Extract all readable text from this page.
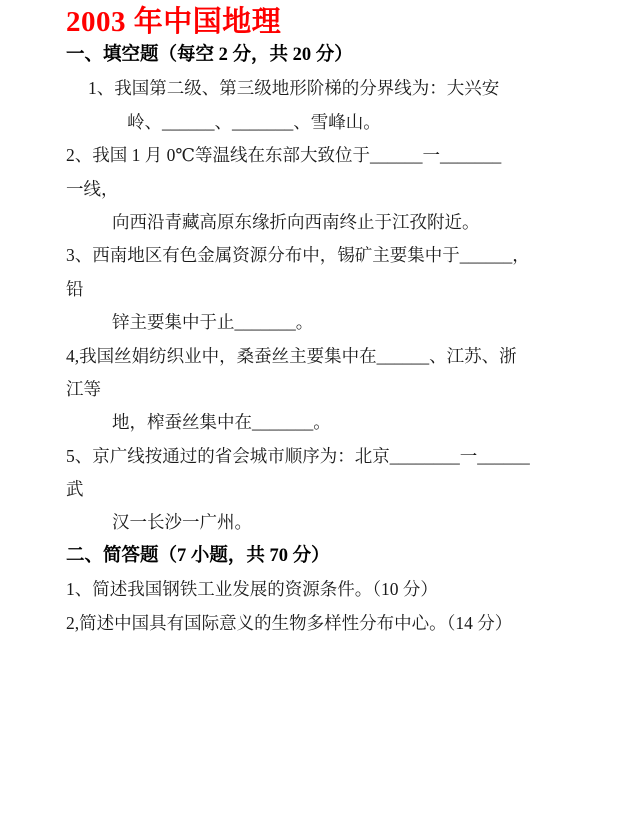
2003 年中国地理
一、填空题（每空 2 分，共 20 分）
1、我国第二级、第三级地形阶梯的分界线为：大兴安
岭、______、_______、雪峰山。
2、我国 1 月 0℃等温线在东部大致位于______一_______
一线，
向西沿青藏高原东缘折向西南终止于江孜附近。
3、西南地区有色金属资源分布中，锡矿主要集中于______，
铅
锌主要集中于止_______。
4,我国丝娟纺织业中，桑蚕丝主要集中在______、江苏、浙
江等
地，榨蚕丝集中在_______。
5、京广线按通过的省会城市顺序为：北京________一______
武
汉一长沙一广州。
二、简答题（7 小题，共 70 分）
1、简述我国钢铁工业发展的资源条件。（10 分）
2,简述中国具有国际意义的生物多样性分布中心。（14 分）
